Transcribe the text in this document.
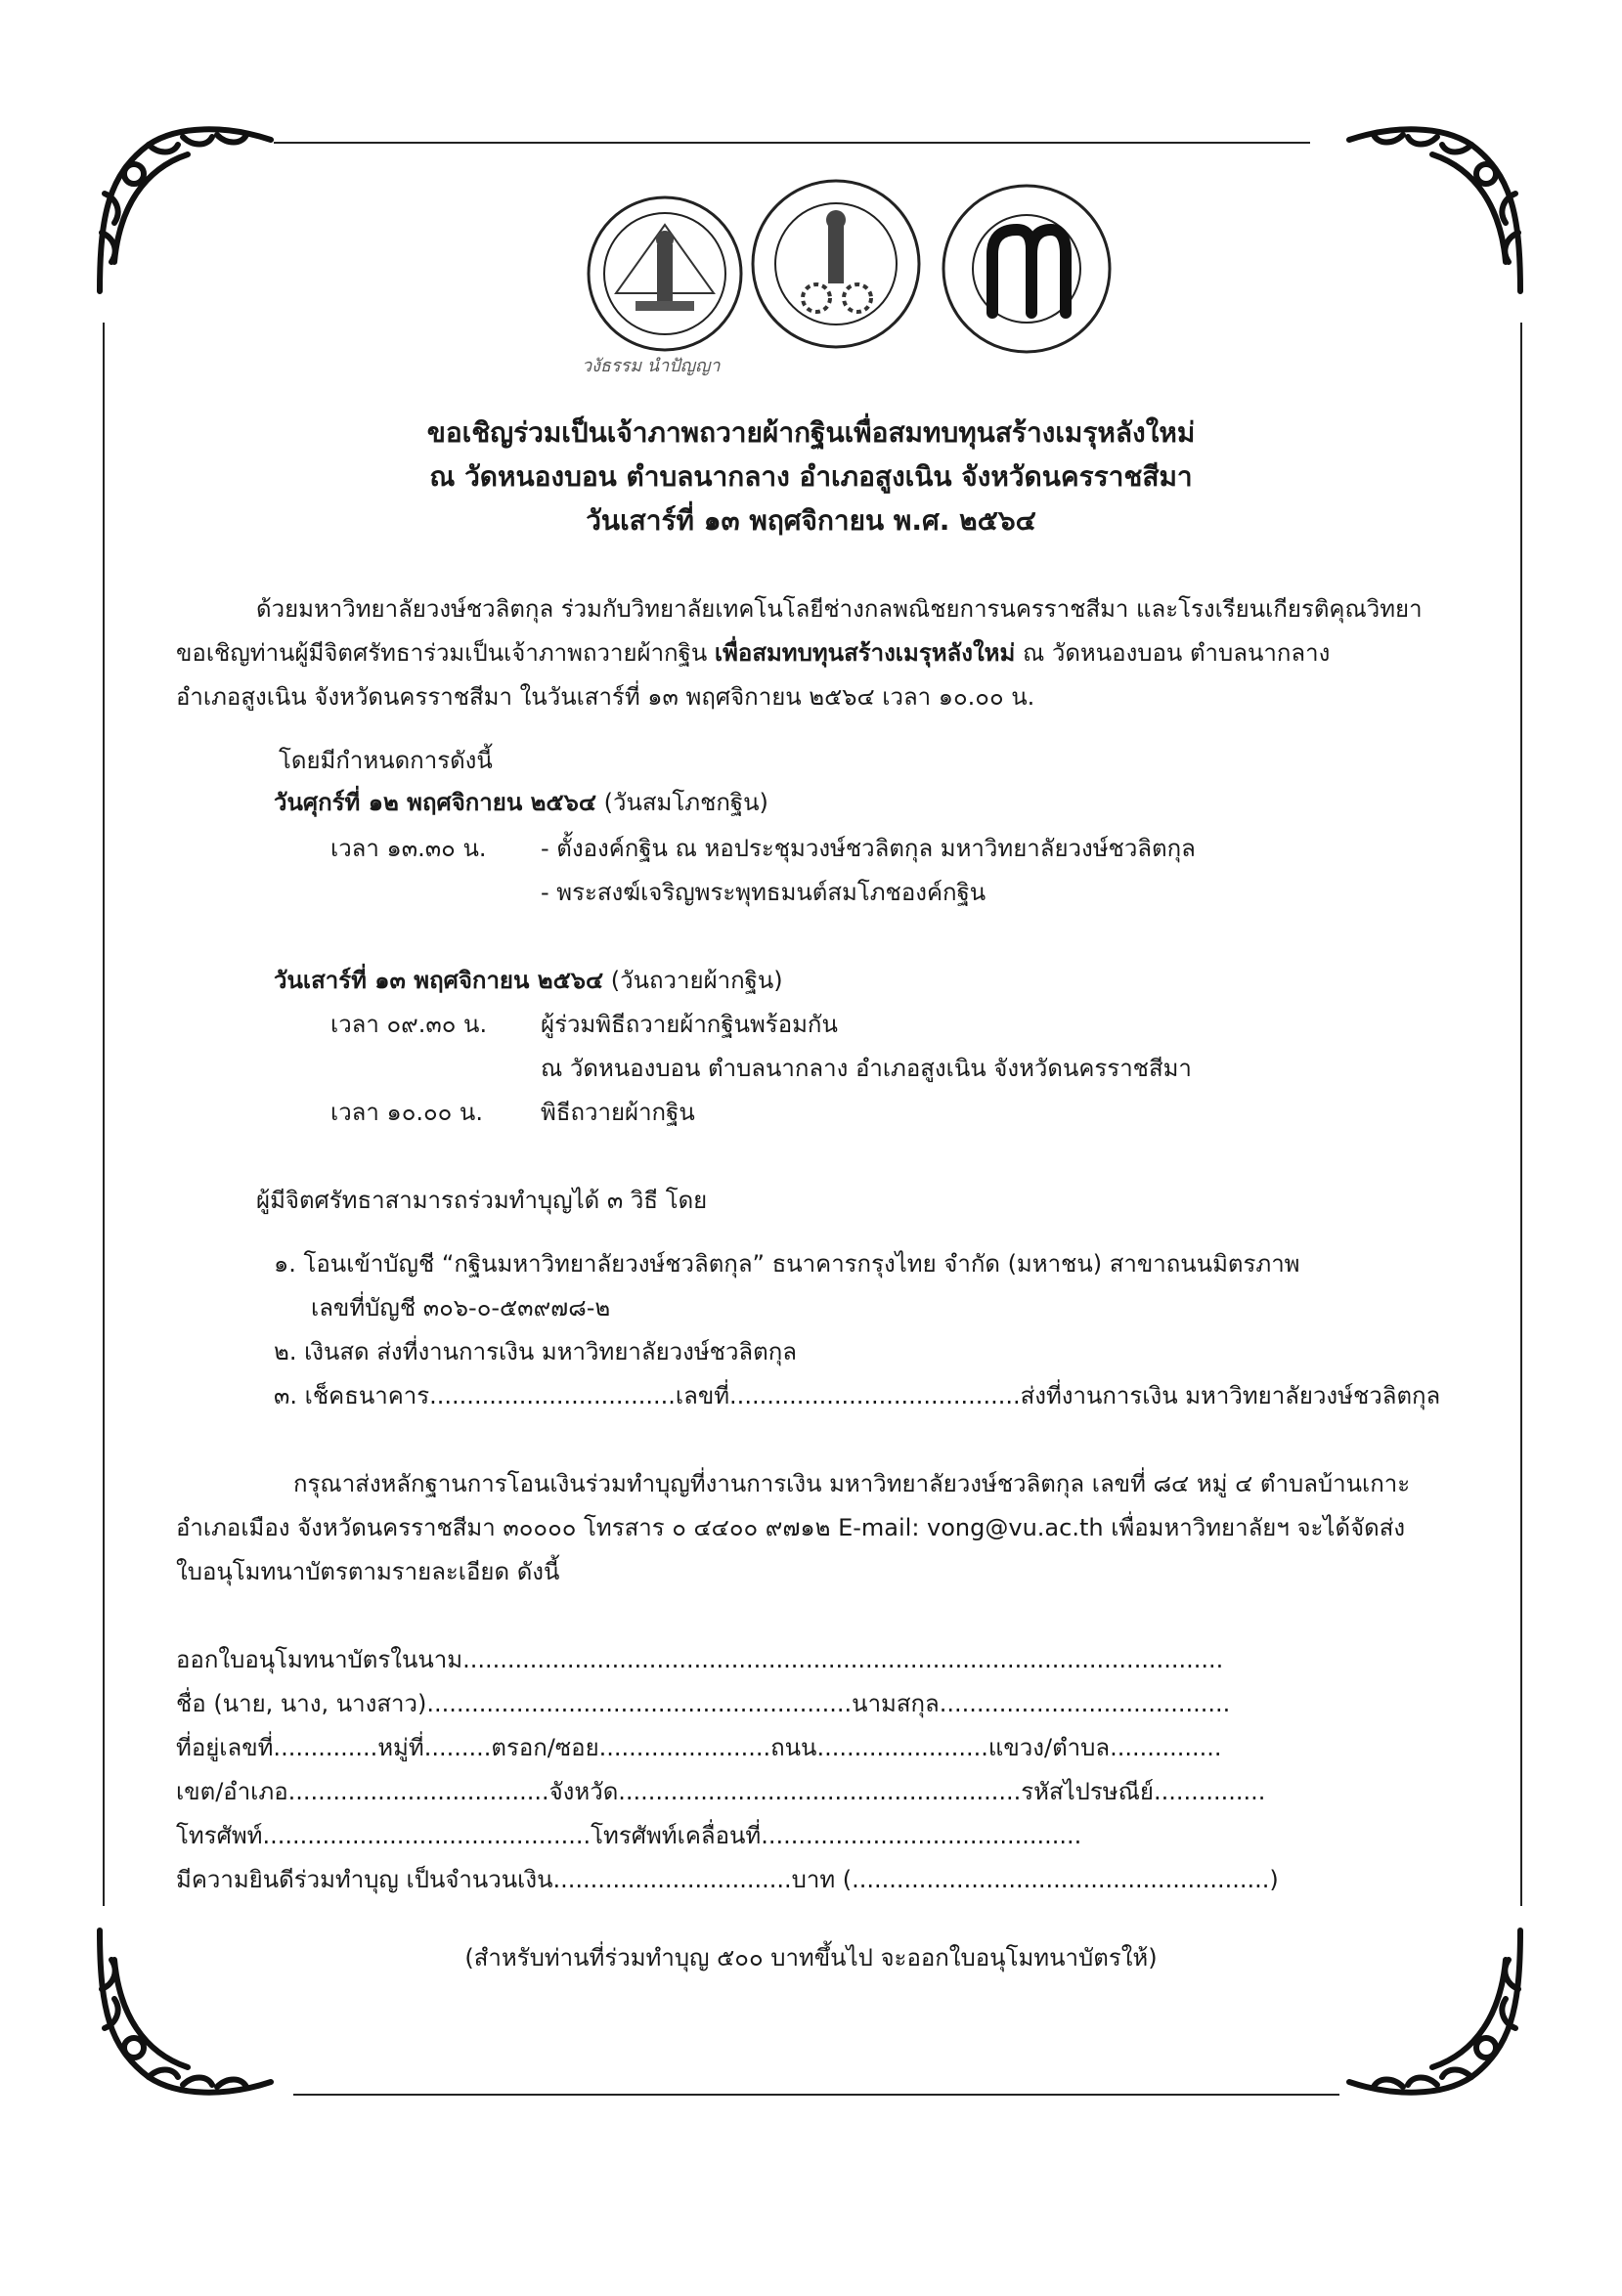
วงัธรรม นำปัญญา
ขอเชิญร่วมเป็นเจ้าภาพถวายผ้ากฐินเพื่อสมทบทุนสร้างเมรุหลังใหม่
ณ วัดหนองบอน ตำบลนากลาง อำเภอสูงเนิน จังหวัดนครราชสีมา
วันเสาร์ที่ ๑๓ พฤศจิกายน พ.ศ. ๒๕๖๔
ด้วยมหาวิทยาลัยวงษ์ชวลิตกุล ร่วมกับวิทยาลัยเทคโนโลยีช่างกลพณิชยการนครราชสีมา และโรงเรียนเกียรติคุณวิทยา
ขอเชิญท่านผู้มีจิตศรัทธาร่วมเป็นเจ้าภาพถวายผ้ากฐิน เพื่อสมทบทุนสร้างเมรุหลังใหม่ ณ วัดหนองบอน ตำบลนากลาง
อำเภอสูงเนิน จังหวัดนครราชสีมา ในวันเสาร์ที่ ๑๓ พฤศจิกายน ๒๕๖๔ เวลา ๑๐.๐๐ น.
โดยมีกำหนดการดังนี้
วันศุกร์ที่ ๑๒ พฤศจิกายน ๒๕๖๔ (วันสมโภชกฐิน)
เวลา ๑๓.๓๐ น. - ตั้งองค์กฐิน ณ หอประชุมวงษ์ชวลิตกุล มหาวิทยาลัยวงษ์ชวลิตกุล
- พระสงฆ์เจริญพระพุทธมนต์สมโภชองค์กฐิน
วันเสาร์ที่ ๑๓ พฤศจิกายน ๒๕๖๔ (วันถวายผ้ากฐิน)
เวลา ๐๙.๓๐ น. ผู้ร่วมพิธีถวายผ้ากฐินพร้อมกัน
ณ วัดหนองบอน ตำบลนากลาง อำเภอสูงเนิน จังหวัดนครราชสีมา
เวลา ๑๐.๐๐ น. พิธีถวายผ้ากฐิน
ผู้มีจิตศรัทธาสามารถร่วมทำบุญได้ ๓ วิธี โดย
๑. โอนเข้าบัญชี “กฐินมหาวิทยาลัยวงษ์ชวลิตกุล” ธนาคารกรุงไทย จำกัด (มหาชน) สาขาถนนมิตรภาพ
เลขที่บัญชี ๓๐๖-๐-๕๓๙๗๘-๒
๒. เงินสด ส่งที่งานการเงิน มหาวิทยาลัยวงษ์ชวลิตกุล
๓. เช็คธนาคาร.................................เลขที่.......................................ส่งที่งานการเงิน มหาวิทยาลัยวงษ์ชวลิตกุล
กรุณาส่งหลักฐานการโอนเงินร่วมทำบุญที่งานการเงิน มหาวิทยาลัยวงษ์ชวลิตกุล เลขที่ ๘๔ หมู่ ๔ ตำบลบ้านเกาะ
อำเภอเมือง จังหวัดนครราชสีมา ๓๐๐๐๐ โทรสาร ๐ ๔๔๐๐ ๙๗๑๒ E-mail: vong@vu.ac.th เพื่อมหาวิทยาลัยฯ จะได้จัดส่ง
ใบอนุโมทนาบัตรตามรายละเอียด ดังนี้
ออกใบอนุโมทนาบัตรในนาม......................................................................................................
ชื่อ (นาย, นาง, นางสาว).........................................................นามสกุล.......................................
ที่อยู่เลขที่..............หมู่ที่.........ตรอก/ซอย.......................ถนน.......................แขวง/ตำบล...............
เขต/อำเภอ...................................จังหวัด......................................................รหัสไปรษณีย์...............
โทรศัพท์............................................โทรศัพท์เคลื่อนที่...........................................
มีความยินดีร่วมทำบุญ เป็นจำนวนเงิน................................บาท (........................................................)
(สำหรับท่านที่ร่วมทำบุญ ๕๐๐ บาทขึ้นไป จะออกใบอนุโมทนาบัตรให้)
